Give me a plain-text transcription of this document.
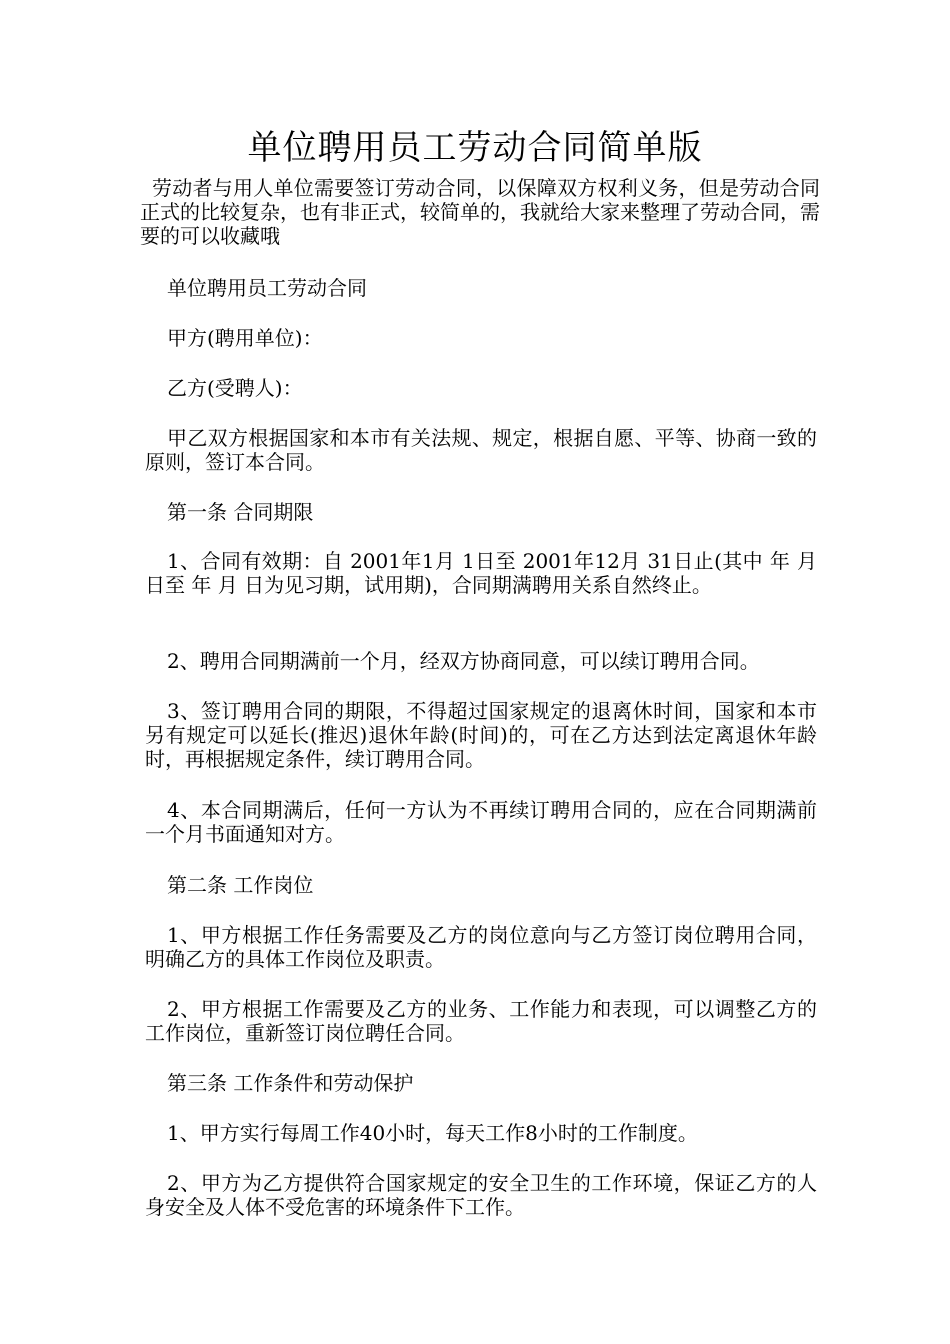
单位聘用员工劳动合同简单版
劳动者与用人单位需要签订劳动合同，以保障双方权利义务，但是劳动合同正式的比较复杂，也有非正式，较简单的，我就给大家来整理了劳动合同，需要的可以收藏哦
单位聘用员工劳动合同
甲方(聘用单位)：
乙方(受聘人)：
甲乙双方根据国家和本市有关法规、规定，根据自愿、平等、协商一致的原则，签订本合同。
第一条 合同期限
1、合同有效期：自 2001年1月 1日至 2001年12月 31日止(其中 年 月 日至 年 月 日为见习期，试用期)，合同期满聘用关系自然终止。
2、聘用合同期满前一个月，经双方协商同意，可以续订聘用合同。
3、签订聘用合同的期限，不得超过国家规定的退离休时间，国家和本市另有规定可以延长(推迟)退休年龄(时间)的，可在乙方达到法定离退休年龄时，再根据规定条件，续订聘用合同。
4、本合同期满后，任何一方认为不再续订聘用合同的，应在合同期满前一个月书面通知对方。
第二条 工作岗位
1、甲方根据工作任务需要及乙方的岗位意向与乙方签订岗位聘用合同，明确乙方的具体工作岗位及职责。
2、甲方根据工作需要及乙方的业务、工作能力和表现，可以调整乙方的工作岗位，重新签订岗位聘任合同。
第三条 工作条件和劳动保护
1、甲方实行每周工作40小时，每天工作8小时的工作制度。
2、甲方为乙方提供符合国家规定的安全卫生的工作环境，保证乙方的人身安全及人体不受危害的环境条件下工作。
